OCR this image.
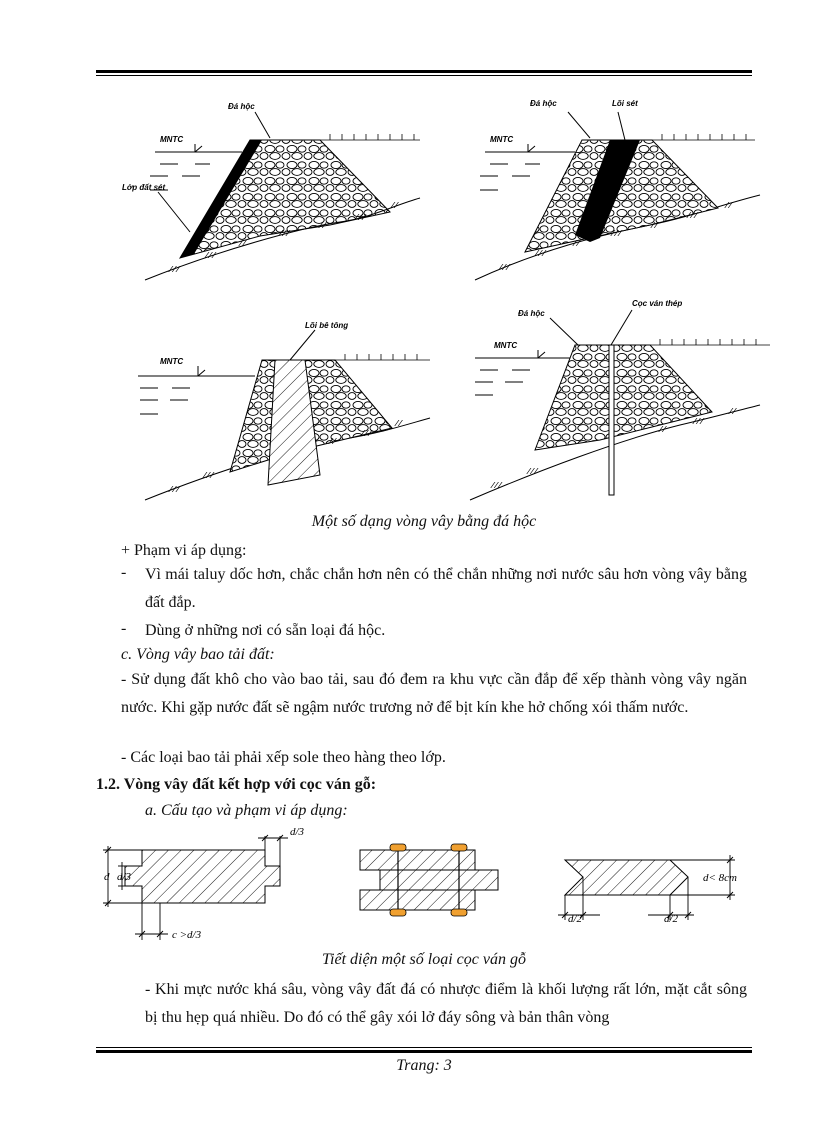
MNTC
Đá hộc
Lớp đất sét
⁄ ⁄ ⁄
⁄ ⁄ ⁄
⁄ ⁄
⁄ ⁄ ⁄
⁄ ⁄
⁄ ⁄ ⁄
⁄ ⁄
MNTC
Đá hộc	Lõi sét
⁄ ⁄ ⁄
⁄ ⁄ ⁄
⁄ ⁄
⁄ ⁄ ⁄
⁄ ⁄
⁄ ⁄ ⁄
⁄ ⁄
MNTC
Lõi bê tông
⁄ ⁄ ⁄
⁄ ⁄ ⁄
⁄ ⁄
⁄ ⁄ ⁄
⁄ ⁄
MNTC
Đá hộc
Cọc ván thép
⁄ ⁄ ⁄
⁄ ⁄ ⁄
⁄ ⁄
⁄ ⁄ ⁄
⁄ ⁄
d/3
d d/3
c >d/3
d< 8cm
d/2	d/2
Một số dạng vòng vây bằng đá hộc
+ Phạm vi áp dụng:
- Vì mái taluy dốc hơn, chắc chắn hơn nên có thể chắn những nơi nước sâu hơn vòng vây bằng đất đắp.
- Dùng ở những nơi có sẵn loại đá hộc.
c. Vòng vây bao tải đất:
- Sử dụng đất khô cho vào bao tải, sau đó đem ra khu vực cần đắp để xếp thành vòng vây ngăn nước. Khi gặp nước đất sẽ ngậm nước trương nở để bịt kín khe hở chống xói thấm nước.
- Các loại bao tải phải xếp sole theo hàng theo lớp.
1.2. Vòng vây đất kết hợp với cọc ván gỗ:
a. Cấu tạo và phạm vi áp dụng:
Tiết diện một số loại cọc ván gỗ
- Khi mực nước khá sâu, vòng vây đất đá có nhược điểm là khối lượng rất lớn, mặt cắt sông bị thu hẹp quá nhiều. Do đó có thể gây xói lở đáy sông và bản thân vòng
Trang: 3
